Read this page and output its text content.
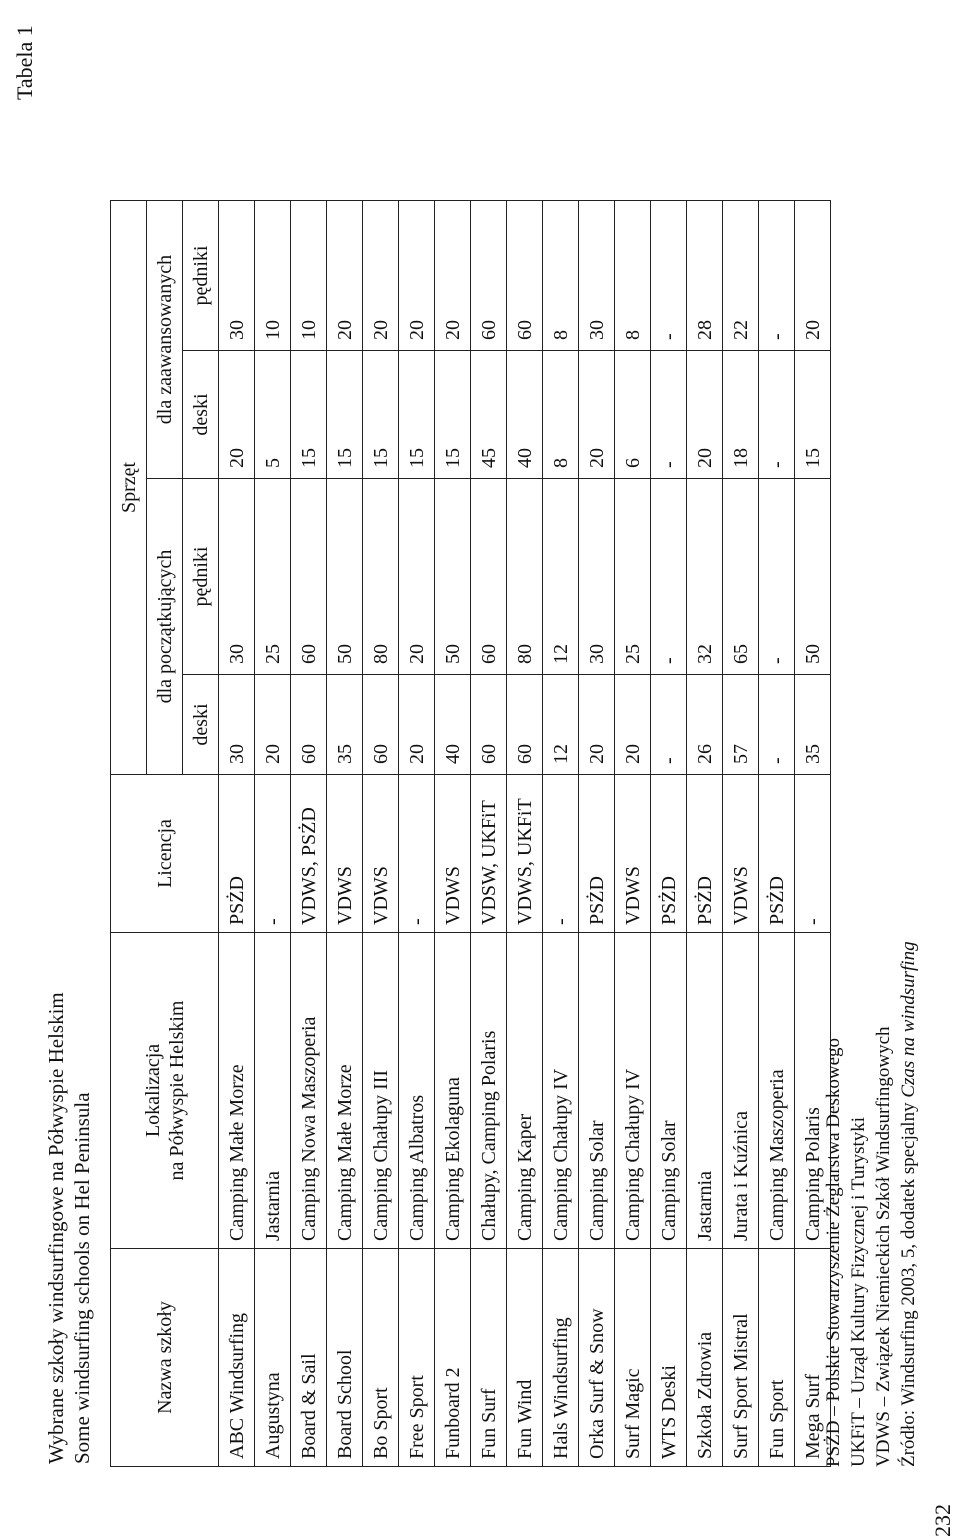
Wybrane szkoły windsurfingowe na Półwyspie Helskim Some windsurfing schools on Hel Peninsula
Tabela 1
232
Nazwa szkoły	Lokalizacja na Półwyspie Helskim	Licencja	Sprzęt			
			dla początkujących		dla zaawansowanych	
			deski	pędniki	deski	pędniki
ABC Windsurfing	Camping Małe Morze	PSŻD	30	30	20	30
Augustyna	Jastarnia	-	20	25	5	10
Board & Sail	Camping Nowa Maszoperia	VDWS, PSŻD	60	60	15	10
Board School	Camping Małe Morze	VDWS	35	50	15	20
Bo Sport	Camping Chałupy III	VDWS	60	80	15	20
Free Sport	Camping Albatros	-	20	20	15	20
Funboard 2	Camping Ekolaguna	VDWS	40	50	15	20
Fun Surf	Chałupy, Camping Polaris	VDSW, UKFiT	60	60	45	60
Fun Wind	Camping Kaper	VDWS, UKFiT	60	80	40	60
Hals Windsurfing	Camping Chałupy IV	-	12	12	8	8
Orka Surf & Snow	Camping Solar	PSŻD	20	30	20	30
Surf Magic	Camping Chałupy IV	VDWS	20	25	6	8
WTS Deski	Camping Solar	PSŻD	-	-	-	-
Szkoła Zdrowia	Jastarnia	PSŻD	26	32	20	28
Surf Sport Mistral	Jurata i Kuźnica	VDWS	57	65	18	22
Fun Sport	Camping Maszoperia	PSŻD	-	-	-	-
Mega Surf	Camping Polaris	-	35	50	15	20
PSŻD – Polskie Stowarzyszenie Żeglarstwa Deskowego UKFiT – Urząd Kultury Fizycznej i Turystyki VDWS – Związek Niemieckich Szkół Windsurfingowych Źródło: Windsurfing 2003, 5, dodatek specjalny Czas na windsurfing
